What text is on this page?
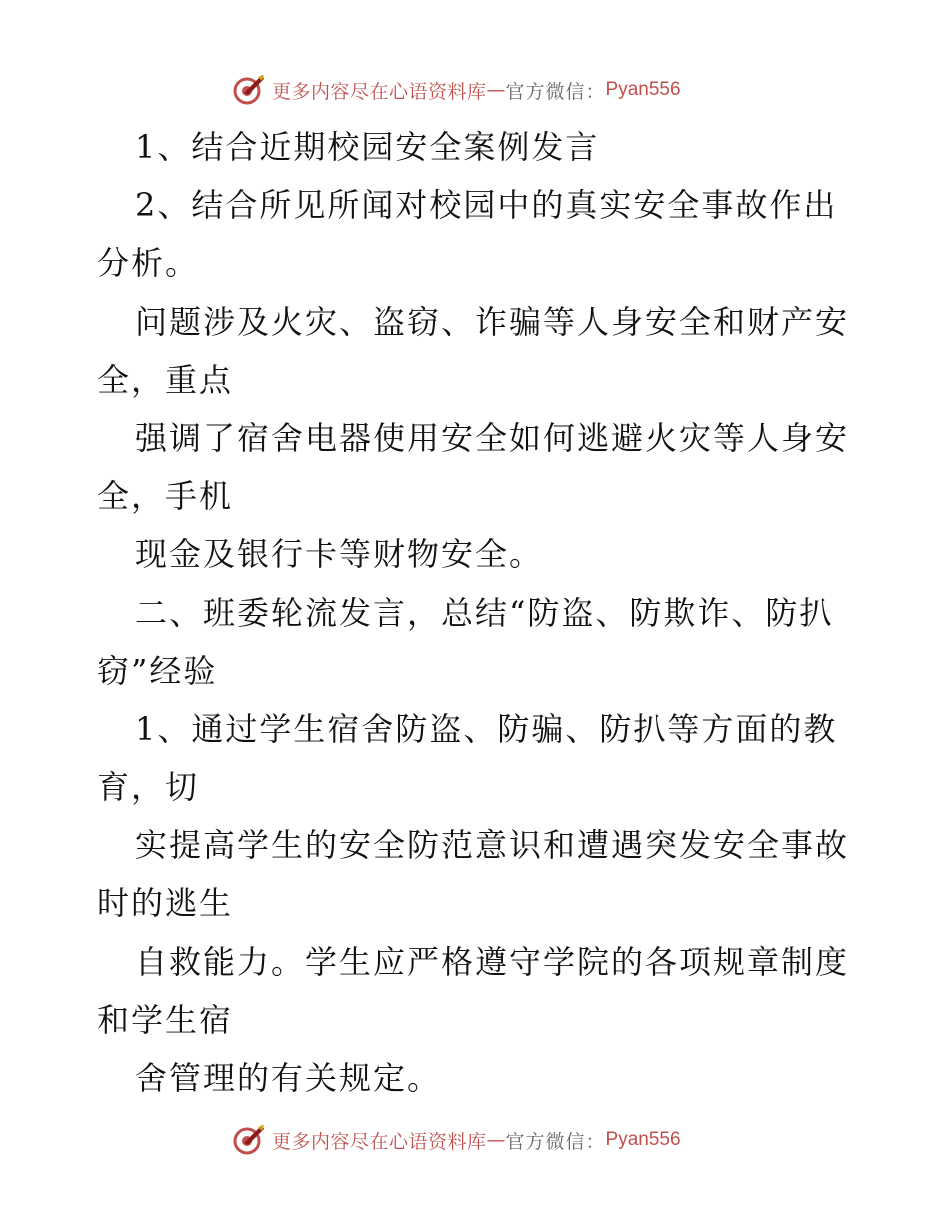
更多内容尽在心语资料库 — 官方微信： Pyan556
1、结合近期校园安全案例发言
2、结合所见所闻对校园中的真实安全事故作出
分析。
问题涉及火灾、盗窃、诈骗等人身安全和财产安
全，重点
强调了宿舍电器使用安全如何逃避火灾等人身安
全，手机
现金及银行卡等财物安全。
二、班委轮流发言，总结“防盗、防欺诈、防扒
窃”经验
1、通过学生宿舍防盗、防骗、防扒等方面的教
育，切
实提高学生的安全防范意识和遭遇突发安全事故
时的逃生
自救能力。学生应严格遵守学院的各项规章制度
和学生宿
舍管理的有关规定。
更多内容尽在心语资料库 — 官方微信： Pyan556
